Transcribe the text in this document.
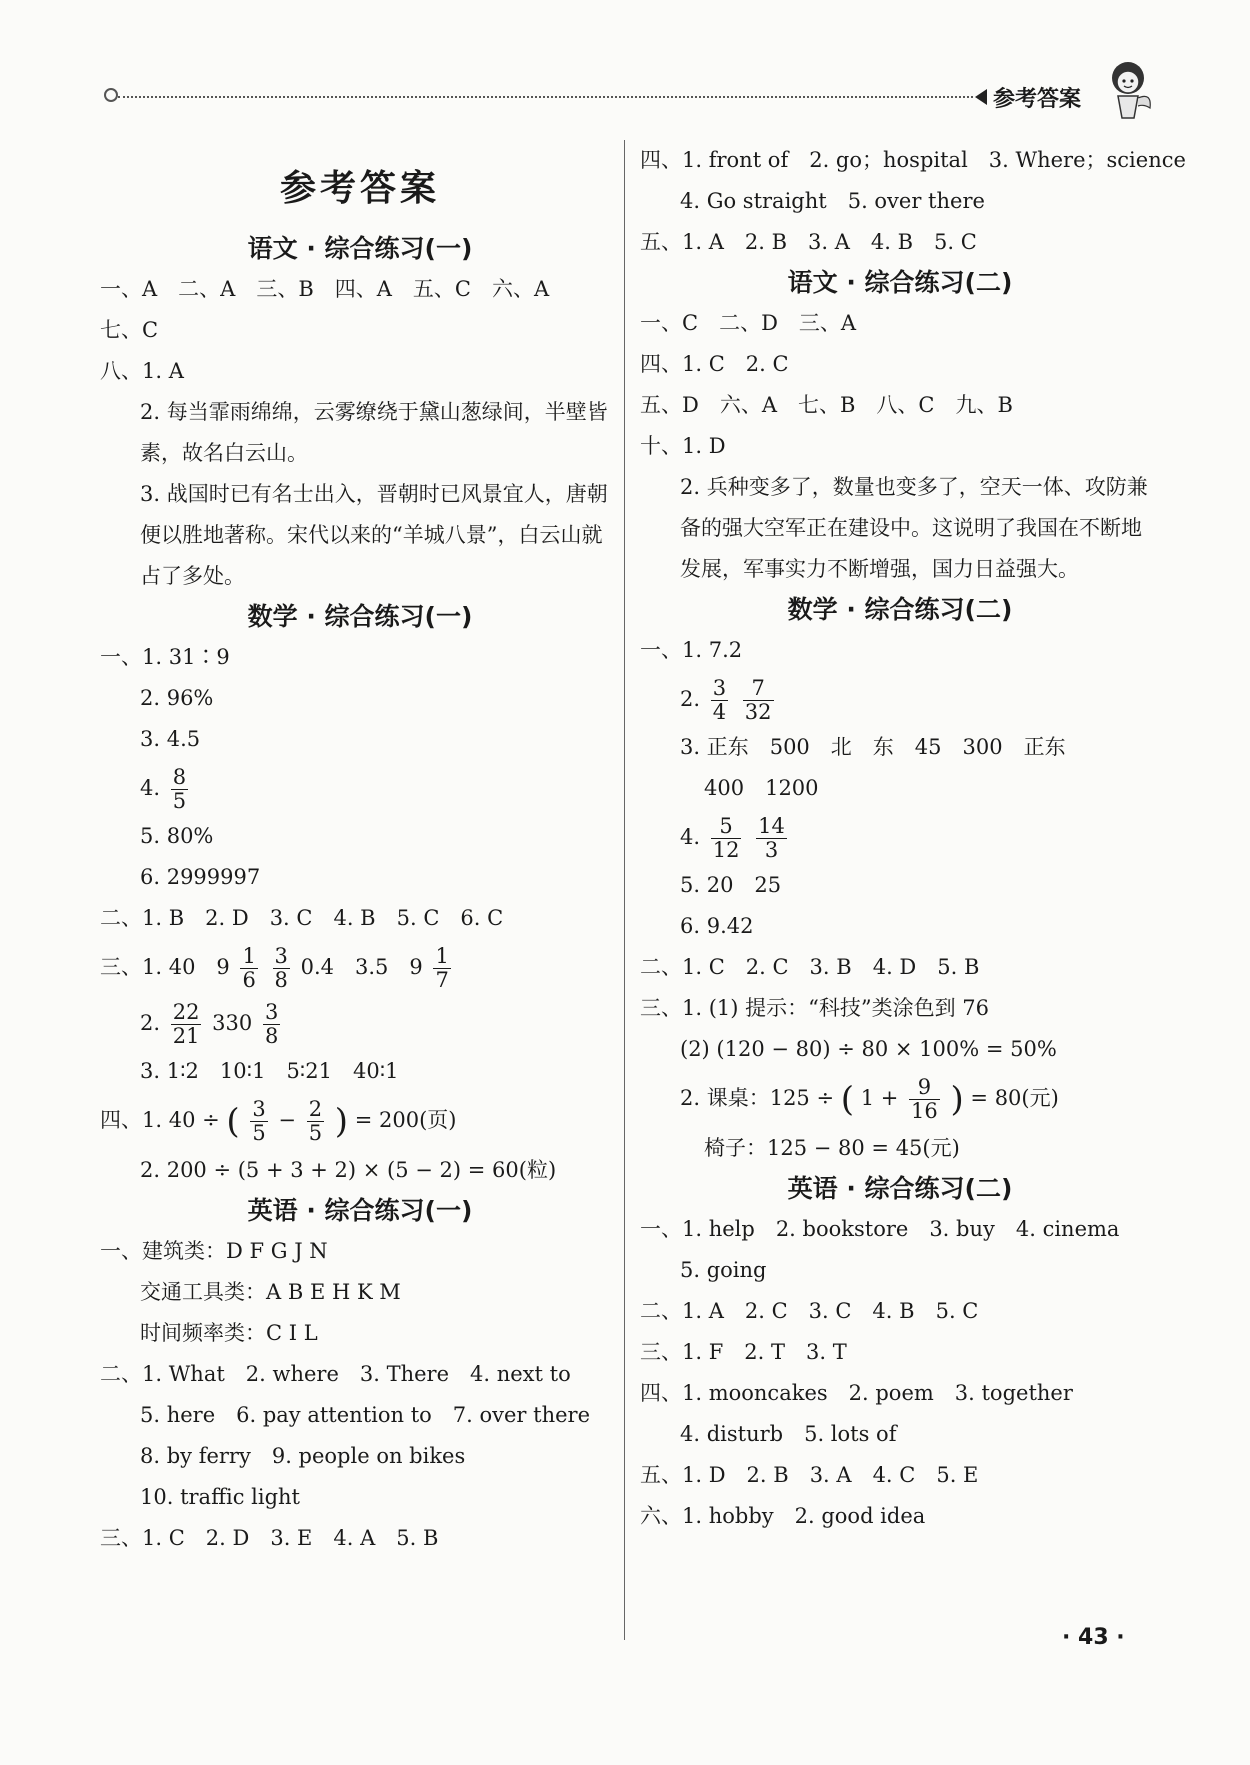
参考答案
参考答案
语文 · 综合练习(一)
一、A　二、A　三、B　四、A　五、C　六、A
七、C
八、1. A
2. 每当霏雨绵绵，云雾缭绕于黛山葱绿间，半壁皆素，故名白云山。
3. 战国时已有名士出入，晋朝时已风景宜人，唐朝便以胜地著称。宋代以来的“羊城八景”，白云山就占了多处。
数学 · 综合练习(一)
一、1. 31∶9
2. 96%
3. 4.5
4. $\frac{8}{5}$
5. 80%
6. 2999997
二、1. B　2. D　3. C　4. B　5. C　6. C
三、1. 40　$9 \frac{1}{6}$
$\frac{3}{8} 0.4$　3.5　$9 \frac{1}{7}$
2. $\frac{22}{21} 330 \frac{3}{8}$
3. 1∶2　10∶1　5∶21　40∶1
四、1. 40 ÷ ( $\frac{3}{5} - \frac{2}{5}$ ) = 200(页)
2. 200 ÷ (5 + 3 + 2) × (5 − 2) = 60(粒)
英语 · 综合练习(一)
一、建筑类：D F G J N
交通工具类：A B E H K M
时间频率类：C I L
二、1. What　2. where　3. There　4. next to
5. here　6. pay attention to　7. over there
8. by ferry　9. people on bikes
10. traffic light
三、1. C　2. D　3. E　4. A　5. B
四、1. front of　2. go；hospital　3. Where；science
4. Go straight　5. over there
五、1. A　2. B　3. A　4. B　5. C
语文 · 综合练习(二)
一、C　二、D　三、A
四、1. C　2. C
五、D　六、A　七、B　八、C　九、B
十、1. D
2. 兵种变多了，数量也变多了，空天一体、攻防兼备的强大空军正在建设中。这说明了我国在不断地发展，军事实力不断增强，国力日益强大。
数学 · 综合练习(二)
一、1. 7.2
2. $\frac{3}{4}$
$\frac{7}{32}$
3. 正东　500　北　东　45　300　正东
400　1200
4. $\frac{5}{12}$
$\frac{14}{3}$
5. 20　25
6. 9.42
二、1. C　2. C　3. B　4. D　5. B
三、1. (1) 提示：“科技”类涂色到 76
(2) (120 − 80) ÷ 80 × 100% = 50%
2. 课桌：125 ÷ ( $1 + \frac{9}{16}$ ) = 80(元)
椅子：125 − 80 = 45(元)
英语 · 综合练习(二)
一、1. help　2. bookstore　3. buy　4. cinema
5. going
二、1. A　2. C　3. C　4. B　5. C
三、1. F　2. T　3. T
四、1. mooncakes　2. poem　3. together
4. disturb　5. lots of
五、1. D　2. B　3. A　4. C　5. E
六、1. hobby　2. good idea
· 43 ·
